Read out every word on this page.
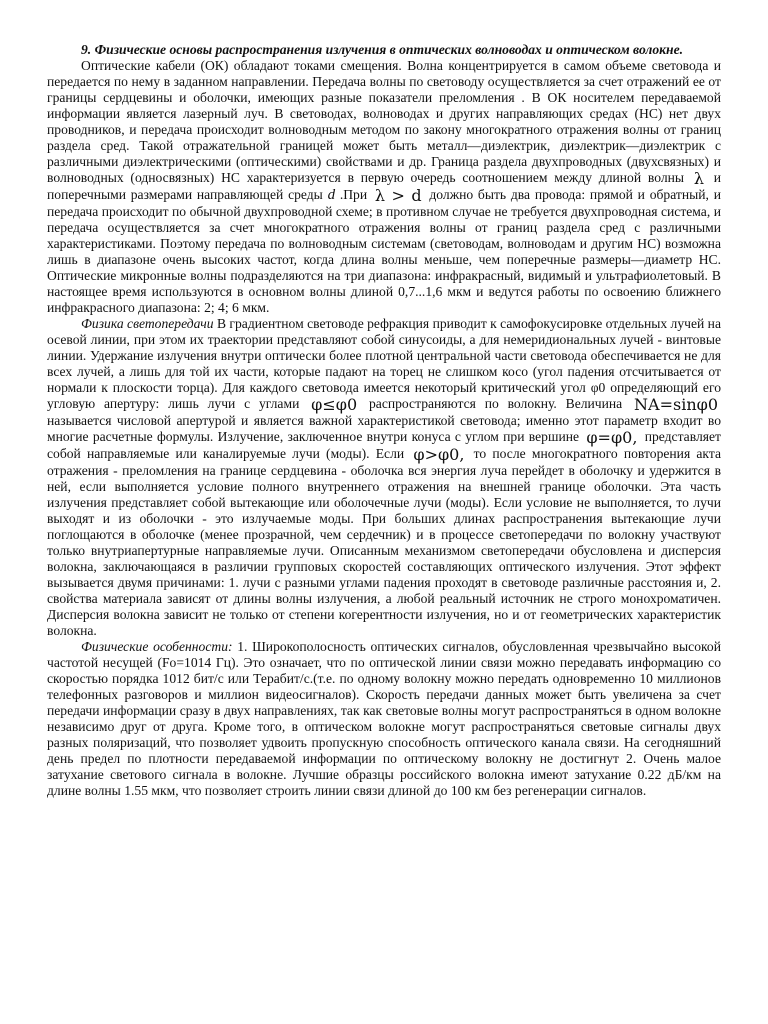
9. Физические основы распространения излучения в оптических волноводах и оптическом волокне.

Оптические кабели (ОК) обладают токами смещения. Волна концентрируется в самом объеме световода и передается по нему в заданном направлении. Передача волны по световоду осуществляется за счет отражений ее от границы сердцевины и оболочки, имеющих разные показатели преломления . В ОК носителем передаваемой информации является лазерный луч. В световодах, волноводах и других направляющих средах (НС) нет двух проводников, и передача происходит волноводным методом по закону многократного отражения волны от границ раздела сред. Такой отражательной границей может быть металл—диэлектрик, диэлектрик—диэлектрик с различными диэлектрическими (оптическими) свойствами и др. Граница раздела двухпроводных (двухсвязных) и волноводных (односвязных) НС характеризуется в первую очередь соотношением между длиной волны λ и поперечными размерами направляющей среды d .При λ > d должно быть два провода: прямой и обратный, и передача происходит по обычной двухпроводной схеме; в противном случае не требуется двухпроводная система, и передача осуществляется за счет многократного отражения волны от границ раздела сред с различными характеристиками. Поэтому передача по волноводным системам (световодам, волноводам и другим НС) возможна лишь в диапазоне очень высоких частот, когда длина волны меньше, чем поперечные размеры—диаметр НС. Оптические микронные волны подразделяются на три диапазона: инфракрасный, видимый и ультрафиолетовый. В настоящее время используются в основном волны длиной 0,7...1,6 мкм и ведутся работы по освоению ближнего инфракрасного диапазона: 2; 4; 6 мкм.

Физика светопередачи В градиентном световоде рефракция приводит к самофокусировке отдельных лучей на осевой линии, при этом их траектории представляют собой синусоиды, а для немеридиональных лучей - винтовые линии. Удержание излучения внутри оптически более плотной центральной части световода обеспечивается не для всех лучей, а лишь для той их части, которые падают на торец не слишком косо (угол падения отсчитывается от нормали к плоскости торца). Для каждого световода имеется некоторый критический угол φ0 определяющий его угловую апертуру: лишь лучи с углами φ≤φ0 распространяются по волокну. Величина NA=sinφ0 называется числовой апертурой и является важной характеристикой световода; именно этот параметр входит во многие расчетные формулы. Излучение, заключенное внутри конуса с углом при вершине φ=φ0, представляет собой направляемые или каналируемые лучи (моды). Если φ>φ0, то после многократного повторения акта отражения - преломления на границе сердцевина - оболочка вся энергия луча перейдет в оболочку и удержится в ней, если выполняется условие полного внутреннего отражения на внешней границе оболочки. Эта часть излучения представляет собой вытекающие или оболочечные лучи (моды). Если условие не выполняется, то лучи выходят и из оболочки - это излучаемые моды. При больших длинах распространения вытекающие лучи поглощаются в оболочке (менее прозрачной, чем сердечник) и в процессе светопередачи по волокну участвуют только внутриапертурные направляемые лучи. Описанным механизмом светопередачи обусловлена и дисперсия волокна, заключающаяся в различии групповых скоростей составляющих оптического излучения. Этот эффект вызывается двумя причинами: 1. лучи с разными углами падения проходят в световоде различные расстояния и, 2. свойства материала зависят от длины волны излучения, а любой реальный источник не строго монохроматичен. Дисперсия волокна зависит не только от степени когерентности излучения, но и от геометрических характеристик волокна.

Физические особенности: 1. Широкополосность оптических сигналов, обусловленная чрезвычайно высокой частотой несущей (Fo=1014 Гц). Это означает, что по оптической линии связи можно передавать информацию со скоростью порядка 1012 бит/с или Терабит/с.(т.е. по одному волокну можно передать одновременно 10 миллионов телефонных разговоров и миллион видеосигналов). Скорость передачи данных может быть увеличена за счет передачи информации сразу в двух направлениях, так как световые волны могут распространяться в одном волокне независимо друг от друга. Кроме того, в оптическом волокне могут распространяться световые сигналы двух разных поляризаций, что позволяет удвоить пропускную способность оптического канала связи. На сегодняшний день предел по плотности передаваемой информации по оптическому волокну не достигнут 2. Очень малое затухание светового сигнала в волокне. Лучшие образцы российского волокна имеют затухание 0.22 дБ/км на длине волны 1.55 мкм, что позволяет строить линии связи длиной до 100 км без регенерации сигналов.
